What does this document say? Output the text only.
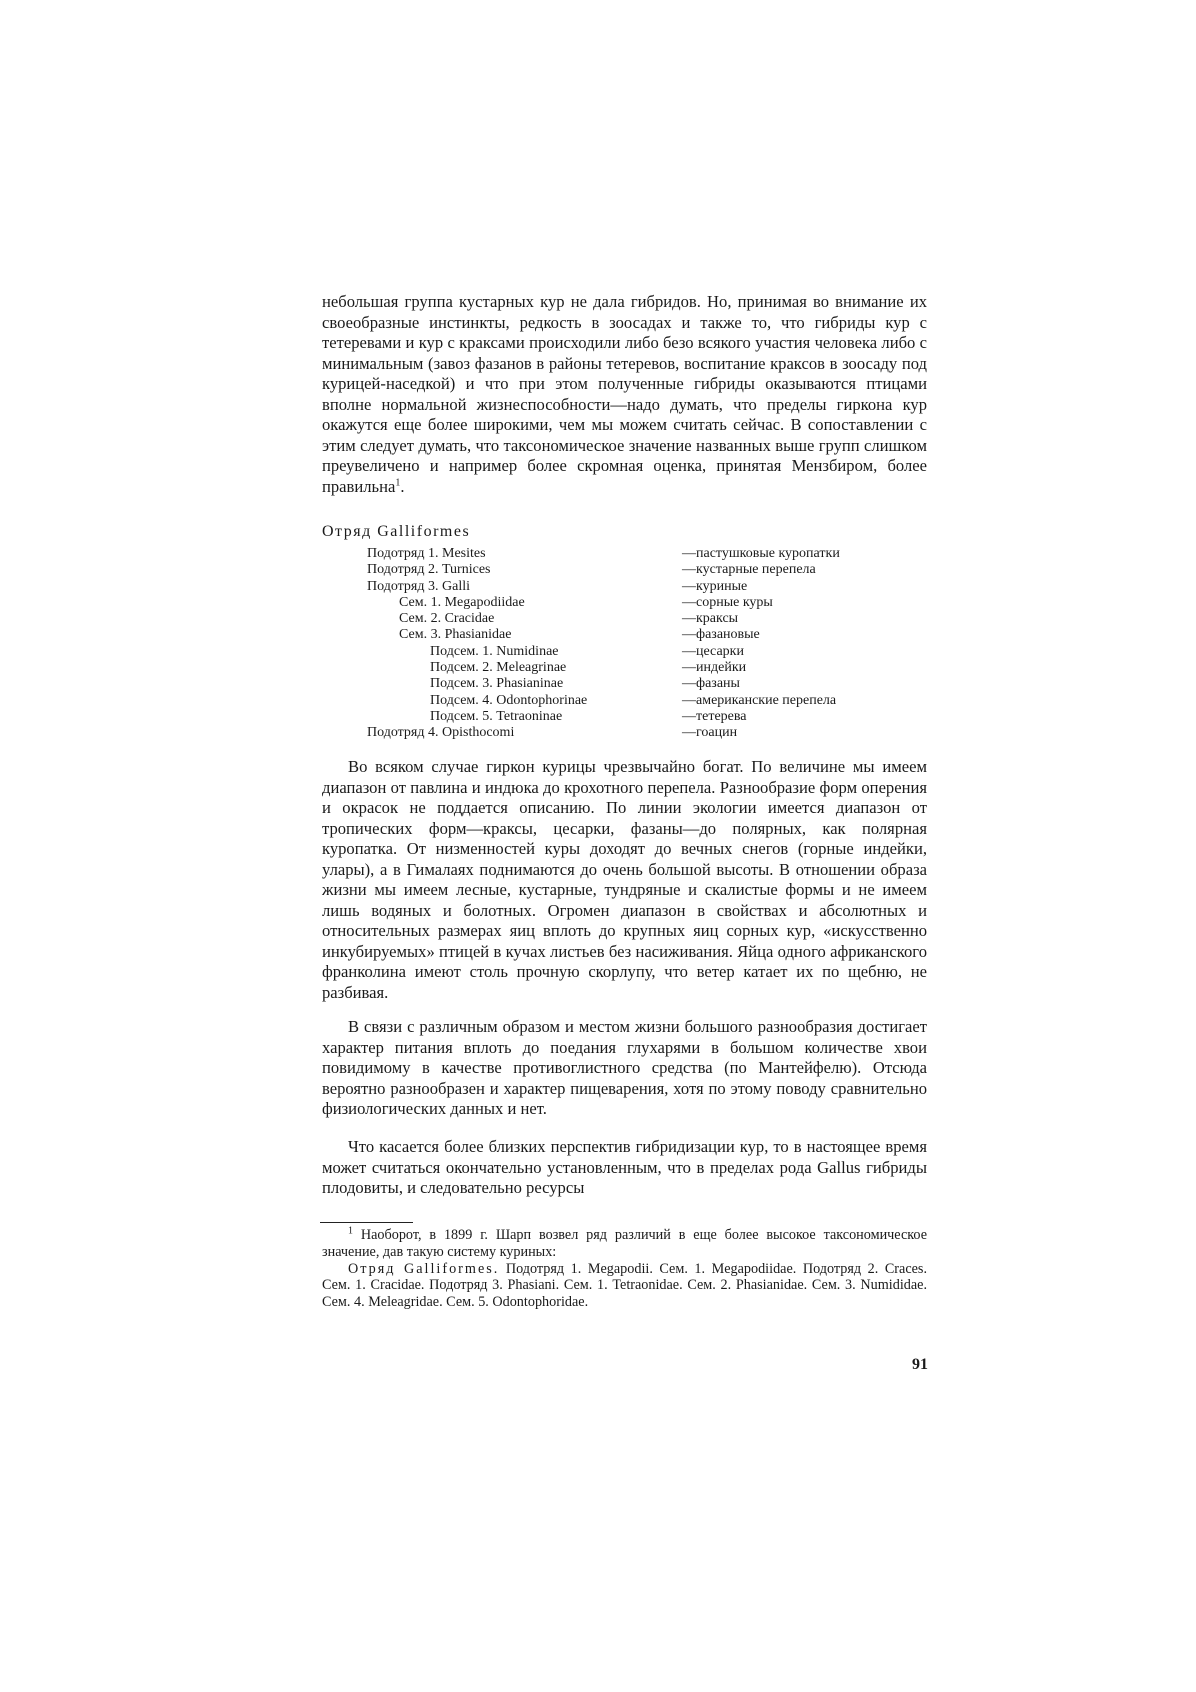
небольшая группа кустарных кур не дала гибридов. Но, принимая во внимание их своеобразные инстинкты, редкость в зоосадах и также то, что гибриды кур с тетеревами и кур с краксами происходили либо безо всякого участия человека либо с минимальным (завоз фазанов в районы тетеревов, воспитание краксов в зоосаду под курицей-наседкой) и что при этом полученные гибриды оказываются птицами вполне нормальной жизнеспособности—надо думать, что пределы гиркона кур окажутся еще более широкими, чем мы можем считать сейчас. В сопоставлении с этим следует думать, что таксономическое значение названных выше групп слишком преувеличено и например более скромная оценка, принятая Мензбиром, более правильна$^1$.

Отряд Galliformes

Подотряд 1. Mesites	—пастушковые куропатки
Подотряд 2. Turnices	—кустарные перепела
Подотряд 3. Galli	—куриные
Сем. 1. Megapodiidae	—сорные куры
Сем. 2. Cracidae	—краксы
Сем. 3. Phasianidae	—фазановые
Подсем. 1. Numidinae	—цесарки
Подсем. 2. Meleagrinae	—индейки
Подсем. 3. Phasianinae	—фазаны
Подсем. 4. Odontophorinae	—американские перепела
Подсем. 5. Tetraoninae	—тетерева
Подотряд 4. Opisthocomi	—гоацин

Во всяком случае гиркон курицы чрезвычайно богат. По величине мы имеем диапазон от павлина и индюка до крохотного перепела. Разнообразие форм оперения и окрасок не поддается описанию. По линии экологии имеется диапазон от тропических форм—краксы, цесарки, фазаны—до полярных, как полярная куропатка. От низменностей куры доходят до вечных снегов (горные индейки, улары), а в Гималаях поднимаются до очень большой высоты. В отношении образа жизни мы имеем лесные, кустарные, тундряные и скалистые формы и не имеем лишь водяных и болотных. Огромен диапазон в свойствах и абсолютных и относительных размерах яиц вплоть до крупных яиц сорных кур, «искусственно инкубируемых» птицей в кучах листьев без насиживания. Яйца одного африканского франколина имеют столь прочную скорлупу, что ветер катает их по щебню, не разбивая.

В связи с различным образом и местом жизни большого разнообразия достигает характер питания вплоть до поедания глухарями в большом количестве хвои повидимому в качестве противоглистного средства (по Мантейфелю). Отсюда вероятно разнообразен и характер пищеварения, хотя по этому поводу сравнительно физиологических данных и нет.

Что касается более близких перспектив гибридизации кур, то в настоящее время может считаться окончательно установленным, что в пределах рода Gallus гибриды плодовиты, и следовательно ресурсы

$^1$ Наоборот, в 1899 г. Шарп возвел ряд различий в еще более высокое таксономическое значение, дав такую систему куриных:

Отряд Galliformes. Подотряд 1. Megapodii. Сем. 1. Megapodiidae. Подотряд 2. Craces. Сем. 1. Cracidae. Подотряд 3. Phasiani. Сем. 1. Tetraonidae. Сем. 2. Phasianidae. Сем. 3. Numididae. Сем. 4. Meleagridae. Сем. 5. Odontophoridae.

91
